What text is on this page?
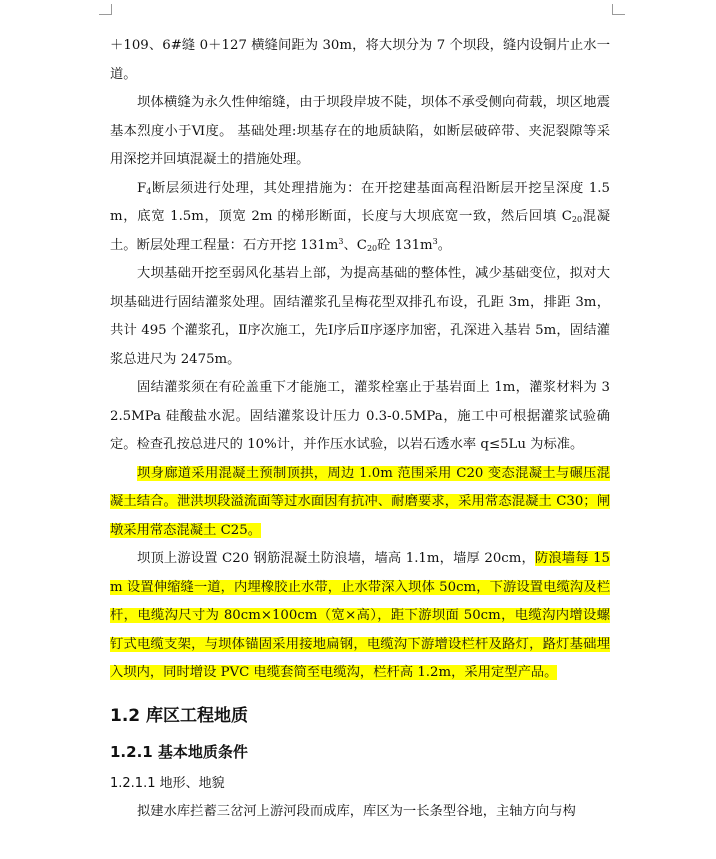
＋109、6#缝 0＋127 横缝间距为 30m，将大坝分为 7 个坝段，缝内设铜片止水一道。

坝体横缝为永久性伸缩缝，由于坝段岸坡不陡，坝体不承受侧向荷载，坝区地震基本烈度小于Ⅵ度。 基础处理:坝基存在的地质缺陷，如断层破碎带、夹泥裂隙等采用深挖并回填混凝土的措施处理。

$F_4$断层须进行处理，其处理措施为：在开挖建基面高程沿断层开挖呈深度 1.5m，底宽 1.5m，顶宽 2m 的梯形断面，长度与大坝底宽一致，然后回填 $C_{20}$混凝土。断层处理工程量：石方开挖 $131m^3$、$C_{20}$砼 $131m^3$。

大坝基础开挖至弱风化基岩上部，为提高基础的整体性，减少基础变位，拟对大坝基础进行固结灌浆处理。固结灌浆孔呈梅花型双排孔布设，孔距 3m，排距 3m，共计 495 个灌浆孔，Ⅱ序次施工，先Ⅰ序后Ⅱ序逐序加密，孔深进入基岩 5m，固结灌浆总进尺为 2475m。

固结灌浆须在有砼盖重下才能施工，灌浆栓塞止于基岩面上 1m，灌浆材料为 32.5MPa 硅酸盐水泥。固结灌浆设计压力 0.3-0.5MPa，施工中可根据灌浆试验确定。检查孔按总进尺的 10%计，并作压水试验，以岩石透水率 q≤5Lu 为标准。

坝身廊道采用混凝土预制顶拱，周边 1.0m 范围采用 C20 变态混凝土与碾压混凝土结合。泄洪坝段溢流面等过水面因有抗冲、耐磨要求，采用常态混凝土 C30；闸墩采用常态混凝土 C25。

坝顶上游设置 C20 钢筋混凝土防浪墙，墙高 1.1m，墙厚 20cm，防浪墙每 15m 设置伸缩缝一道，内埋橡胶止水带，止水带深入坝体 50cm，下游设置电缆沟及栏杆，电缆沟尺寸为 80cm×100cm（宽×高），距下游坝面 50cm，电缆沟内增设螺钉式电缆支架，与坝体锚固采用接地扁钢，电缆沟下游增设栏杆及路灯，路灯基础埋入坝内，同时增设 PVC 电缆套简至电缆沟，栏杆高 1.2m，采用定型产品。

1.2 库区工程地质
1.2.1 基本地质条件
1.2.1.1 地形、地貌

拟建水库拦蓄三岔河上游河段而成库，库区为一长条型谷地，主轴方向与构
